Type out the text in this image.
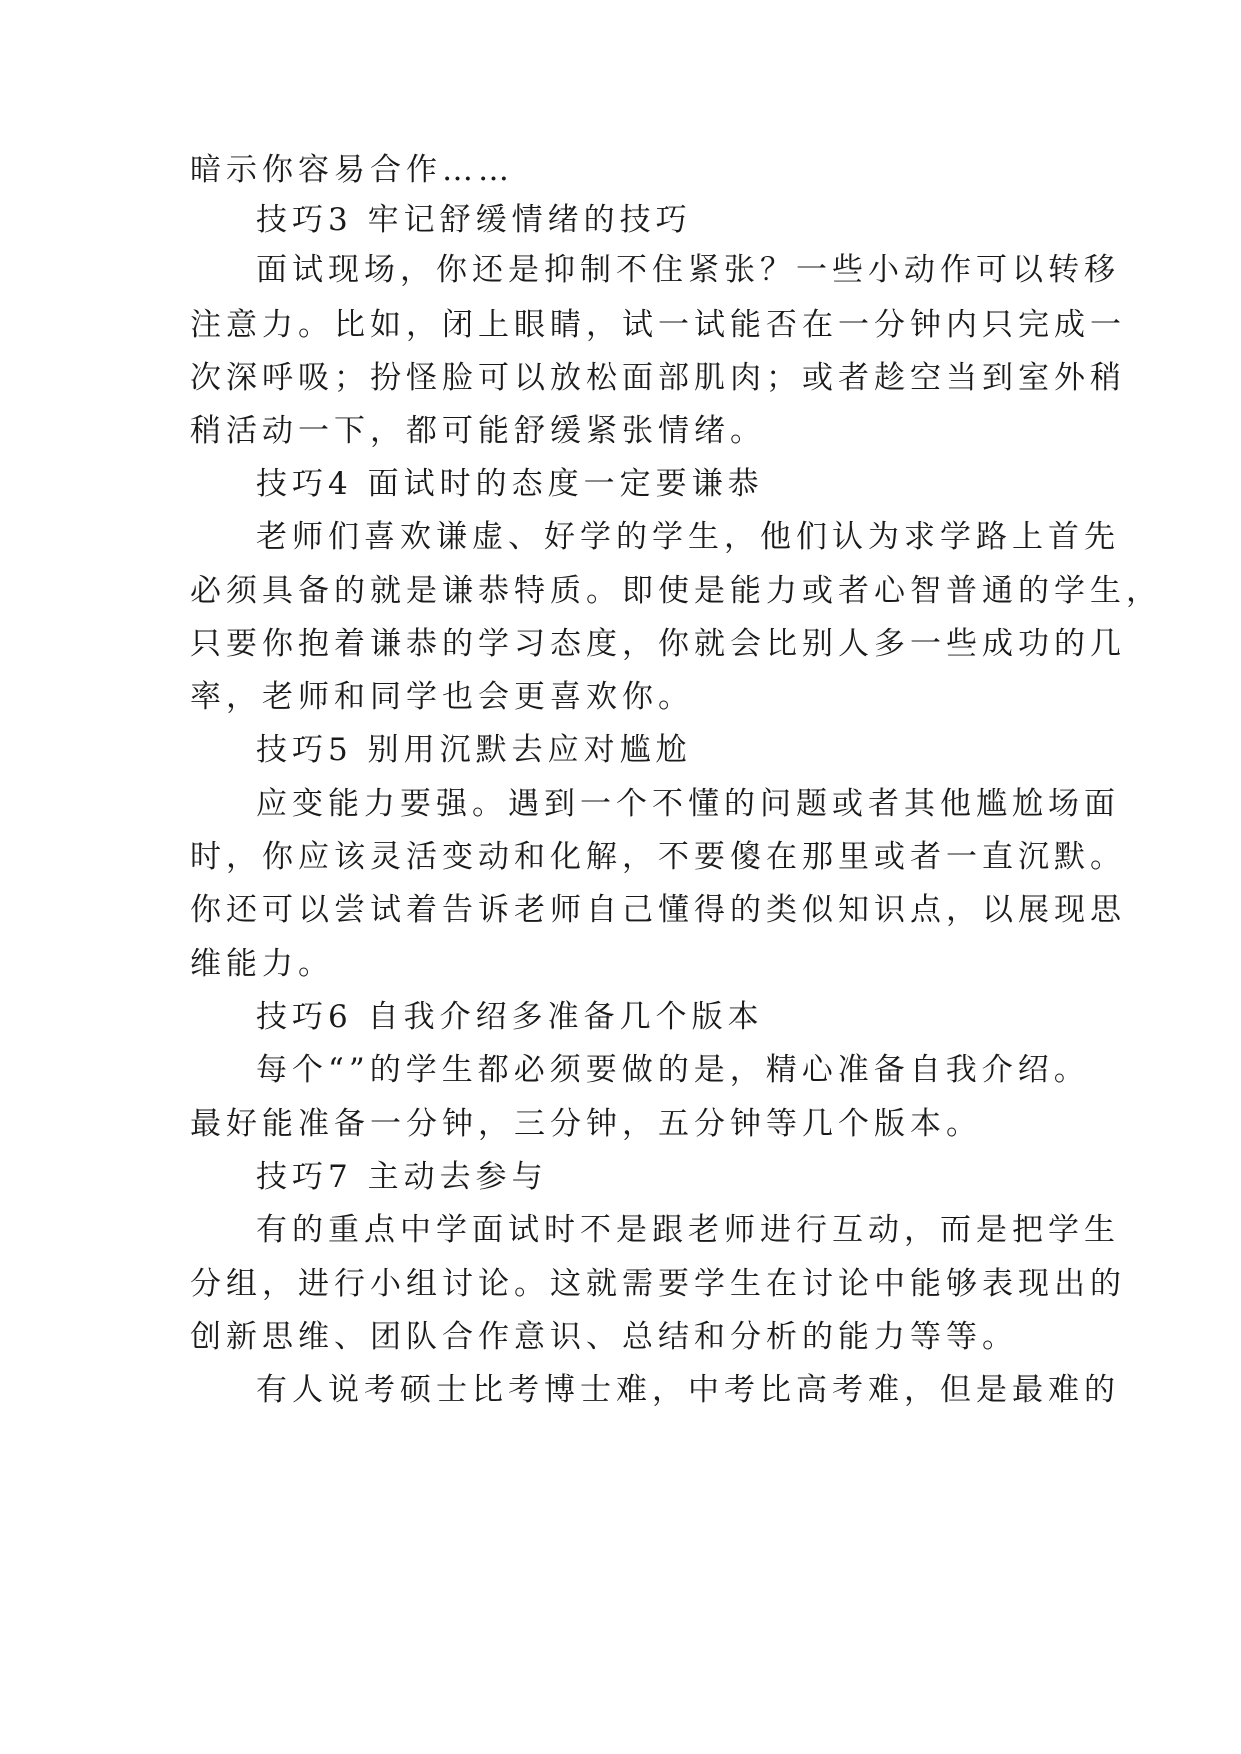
暗示你容易合作……
技巧3 牢记舒缓情绪的技巧
面试现场，你还是抑制不住紧张？一些小动作可以转移
注意力。比如，闭上眼睛，试一试能否在一分钟内只完成一
次深呼吸；扮怪脸可以放松面部肌肉；或者趁空当到室外稍
稍活动一下，都可能舒缓紧张情绪。
技巧4 面试时的态度一定要谦恭
老师们喜欢谦虚、好学的学生，他们认为求学路上首先
必须具备的就是谦恭特质。即使是能力或者心智普通的学生，
只要你抱着谦恭的学习态度，你就会比别人多一些成功的几
率，老师和同学也会更喜欢你。
技巧5 别用沉默去应对尴尬
应变能力要强。遇到一个不懂的问题或者其他尴尬场面
时，你应该灵活变动和化解，不要傻在那里或者一直沉默。
你还可以尝试着告诉老师自己懂得的类似知识点，以展现思
维能力。
技巧6 自我介绍多准备几个版本
每个“”的学生都必须要做的是，精心准备自我介绍。
最好能准备一分钟，三分钟，五分钟等几个版本。
技巧7 主动去参与
有的重点中学面试时不是跟老师进行互动，而是把学生
分组，进行小组讨论。这就需要学生在讨论中能够表现出的
创新思维、团队合作意识、总结和分析的能力等等。
有人说考硕士比考博士难，中考比高考难，但是最难的
